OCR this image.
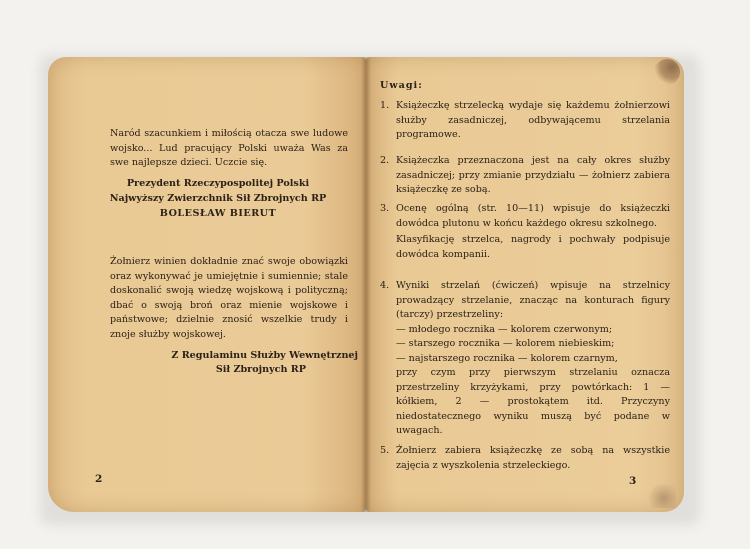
Naród szacunkiem i miłością otacza swe ludowe wojsko... Lud pracujący Polski uważa Was za swe najlepsze dzieci. Uczcie się.
Prezydent Rzeczypospolitej Polski
Najwyższy Zwierzchnik Sił Zbrojnych RP
BOLESŁAW BIERUT
Żołnierz winien dokładnie znać swoje obowiązki oraz wykonywać je umiejętnie i sumiennie; stale doskonalić swoją wiedzę wojskową i polityczną; dbać o swoją broń oraz mienie wojskowe i państwowe; dzielnie znosić wszelkie trudy i znoje służby wojskowej.
Z Regulaminu Służby Wewnętrznej
Sił Zbrojnych RP
2
Uwagi:
1. Książeczkę strzelecką wydaje się każdemu żołnierzowi służby zasadniczej, odbywającemu strzelania programowe.
2. Książeczka przeznaczona jest na cały okres służby zasadniczej; przy zmianie przydziału — żołnierz zabiera książeczkę ze sobą.
3. Ocenę ogólną (str. 10—11) wpisuje do książeczki dowódca plutonu w końcu każdego okresu szkolnego.
Klasyfikację strzelca, nagrody i pochwały podpisuje dowódca kompanii.
4. Wyniki strzelań (ćwiczeń) wpisuje na strzelnicy prowadzący strzelanie, znacząc na konturach figury (tarczy) przestrzeliny:
— młodego rocznika — kolorem czerwonym;
— starszego rocznika — kolorem niebieskim;
— najstarszego rocznika — kolorem czarnym,
przy czym przy pierwszym strzelaniu oznacza przestrzeliny krzyżykami, przy powtórkach: 1 — kółkiem, 2 — prostokątem itd. Przyczyny niedostatecznego wyniku muszą być podane w uwagach.
5. Żołnierz zabiera książeczkę ze sobą na wszystkie zajęcia z wyszkolenia strzeleckiego.
3
